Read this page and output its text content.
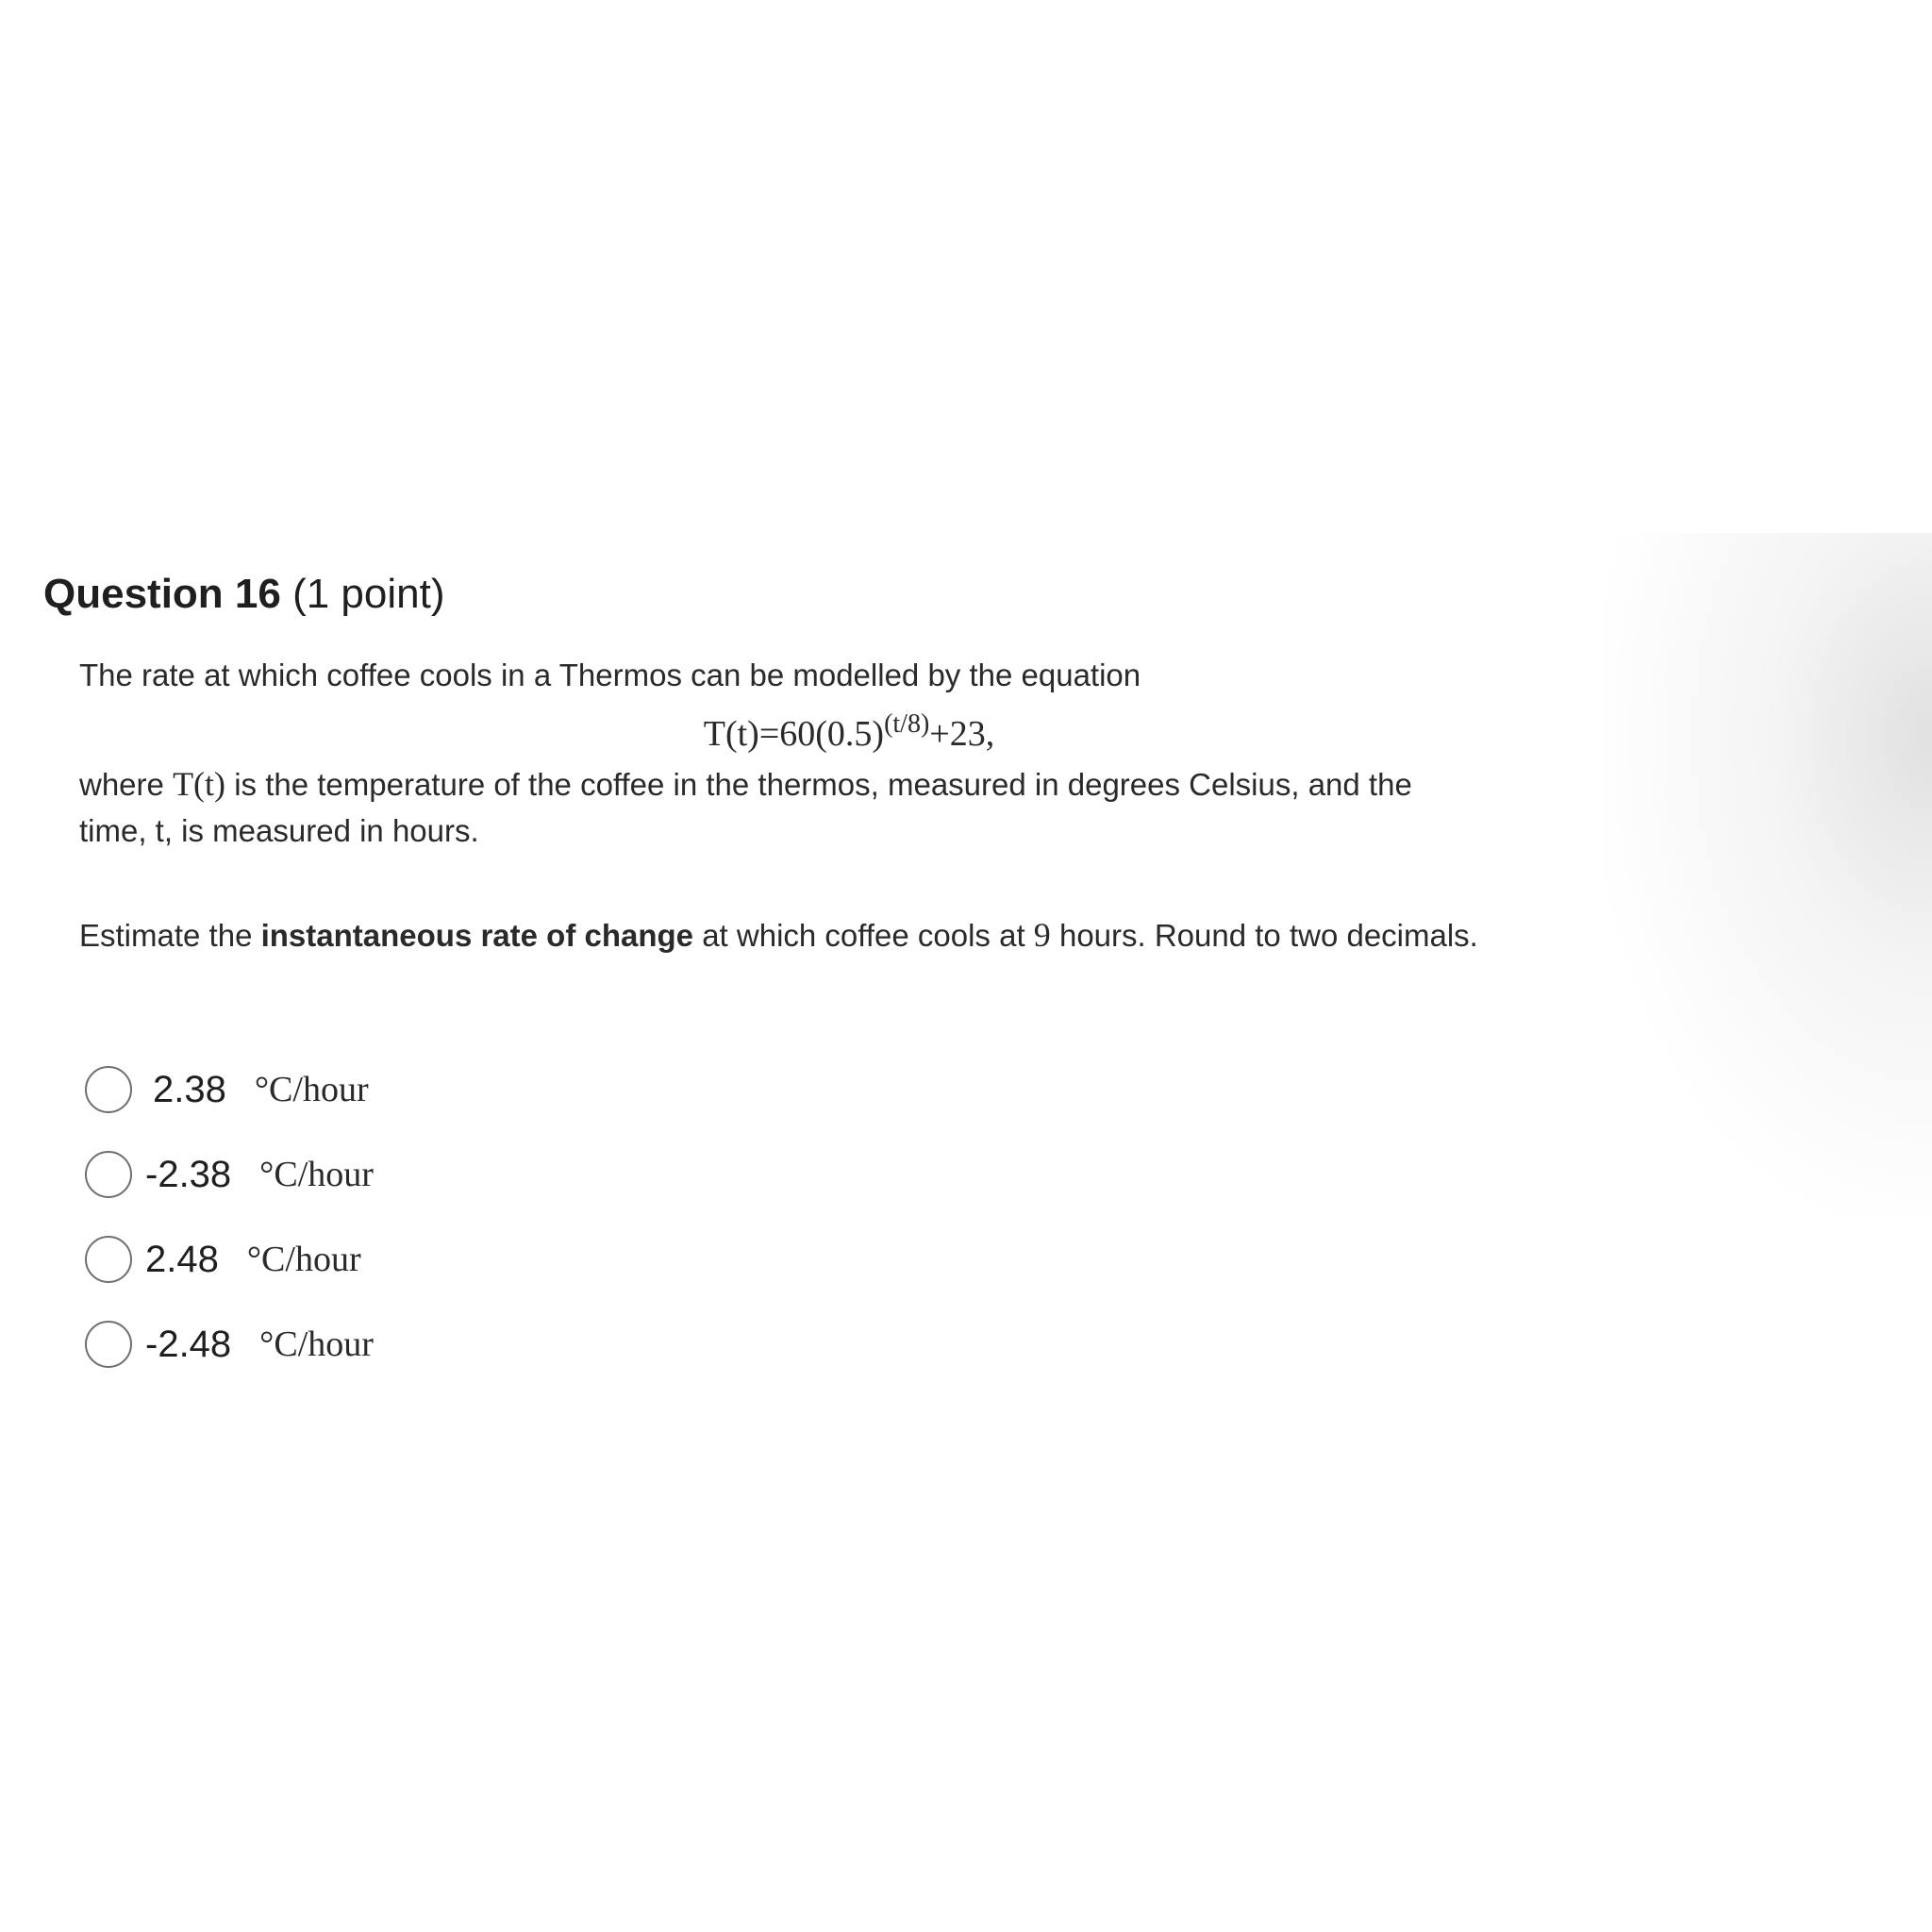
Question 16 (1 point)
The rate at which coffee cools in a Thermos can be modelled by the equation
$T(t)=60(0.5)^{(t/8)}+23$,
where T(t) is the temperature of the coffee in the thermos, measured in degrees Celsius, and the
time, t, is measured in hours.
Estimate the instantaneous rate of change at which coffee cools at 9 hours. Round to two decimals.
2.38 °C/hour
-2.38 °C/hour
2.48 °C/hour
-2.48 °C/hour
